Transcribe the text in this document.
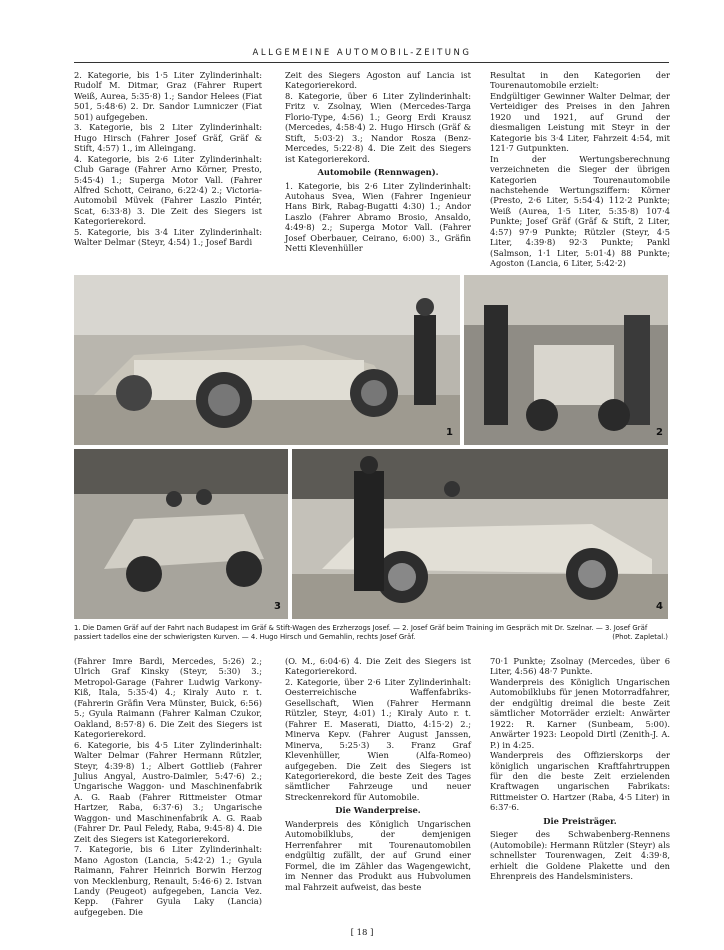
ALLGEMEINE AUTOMOBIL-ZEITUNG

2. Kategorie, bis 1·5 Liter Zylinderinhalt: Rudolf M. Ditmar, Graz (Fahrer Rupert Weiß, Aurea, 5:35·8) 1.; Sandor Helees (Fiat 501, 5:48·6) 2. Dr. Sandor Lumniczer (Fiat 501) aufgegeben.

3. Kategorie, bis 2 Liter Zylinderinhalt: Hugo Hirsch (Fahrer Josef Gräf, Gräf & Stift, 4:57) 1., im Alleingang.

4. Kategorie, bis 2·6 Liter Zylinderinhalt: Club Garage (Fahrer Arno Körner, Presto, 5:45·4) 1.; Superga Motor Vall. (Fahrer Alfred Schott, Ceirano, 6:22·4) 2.; Victoria-Automobil Müvek (Fahrer Laszlo Pintér, Scat, 6:33·8) 3. Die Zeit des Siegers ist Kategorierekord.

5. Kategorie, bis 3·4 Liter Zylinderinhalt: Walter Delmar (Steyr, 4:54) 1.; Josef Bardi

Zeit des Siegers Agoston auf Lancia ist Kategorierekord.

8. Kategorie, über 6 Liter Zylinderinhalt: Fritz v. Zsolnay, Wien (Mercedes-Targa Florio-Type, 4:56) 1.; Georg Erdi Krausz (Mercedes, 4:58·4) 2. Hugo Hirsch (Gräf & Stift, 5:03·2) 3.; Nandor Rosza (Benz-Mercedes, 5:22·8) 4. Die Zeit des Siegers ist Kategorierekord.

Automobile (Rennwagen).

1. Kategorie, bis 2·6 Liter Zylinderinhalt: Autohaus Svea, Wien (Fahrer Ingenieur Hans Birk, Rabag-Bugatti 4:30) 1.; Andor Laszlo (Fahrer Abramo Brosio, Ansaldo, 4:49·8) 2.; Superga Motor Vall. (Fahrer Josef Oberbauer, Ceirano, 6:00) 3., Gräfin Netti Klevenhüller

Resultat in den Kategorien der Tourenautomobile erzielt:

Endgültiger Gewinner Walter Delmar, der Verteidiger des Preises in den Jahren 1920 und 1921, auf Grund der diesmaligen Leistung mit Steyr in der Kategorie bis 3·4 Liter, Fahrzeit 4:54, mit 121·7 Gutpunkten.

In der Wertungsberechnung verzeichneten die Sieger der übrigen Kategorien Tourenautomobile nachstehende Wertungsziffern: Körner (Presto, 2·6 Liter, 5:54·4) 112·2 Punkte; Weiß (Aurea, 1·5 Liter, 5:35·8) 107·4 Punkte; Josef Gräf (Gräf & Stift, 2 Liter, 4:57) 97·9 Punkte; Rützler (Steyr, 4·5 Liter, 4:39·8) 92·3 Punkte; Pankl (Salmson, 1·1 Liter, 5:01·4) 88 Punkte; Agoston (Lancia, 6 Liter, 5:42·2)

1	2
3	4
1. Die Damen Gräf auf der Fahrt nach Budapest im Gräf & Stift-Wagen des Erzherzogs Josef. — 2. Josef Gräf beim Training im Gespräch mit Dr. Szelnar. — 3. Josef Gräf passiert tadellos eine der schwierigsten Kurven. — 4. Hugo Hirsch und Gemahlin, rechts Josef Gräf.	(Phot. Zapletal.)

(Fahrer Imre Bardi, Mercedes, 5:26) 2.; Ulrich Graf Kinsky (Steyr, 5:30) 3.; Metropol-Garage (Fahrer Ludwig Varkony-Kiß, Itala, 5:35·4) 4.; Kiraly Auto r. t. (Fahrerin Gräfin Vera Münster, Buick, 6:56) 5.; Gyula Raimann (Fahrer Kalman Czukor, Oakland, 8:57·8) 6. Die Zeit des Siegers ist Kategorierekord.

6. Kategorie, bis 4·5 Liter Zylinderinhalt: Walter Delmar (Fahrer Hermann Rützler, Steyr, 4:39·8) 1.; Albert Gottlieb (Fahrer Julius Angyal, Austro-Daimler, 5:47·6) 2.; Ungarische Waggon- und Maschinenfabrik A. G. Raab (Fahrer Rittmeister Otmar Hartzer, Raba, 6:37·6) 3.; Ungarische Waggon- und Maschinenfabrik A. G. Raab (Fahrer Dr. Paul Feledy, Raba, 9:45·8) 4. Die Zeit des Siegers ist Kategorierekord.

7. Kategorie, bis 6 Liter Zylinderinhalt: Mano Agoston (Lancia, 5:42·2) 1.; Gyula Raimann, Fahrer Heinrich Borwin Herzog von Mecklenburg, Renault, 5:46·6) 2. Istvan Landy (Peugeot) aufgegeben, Lancia Vez. Kepp. (Fahrer Gyula Laky (Lancia) aufgegeben. Die

(O. M., 6:04·6) 4. Die Zeit des Siegers ist Kategorierekord.

2. Kategorie, über 2·6 Liter Zylinderinhalt: Oesterreichische Waffenfabriks-Gesellschaft, Wien (Fahrer Hermann Rützler, Steyr, 4:01) 1.; Kiraly Auto r. t. (Fahrer E. Maserati, Diatto, 4:15·2) 2.; Minerva Kepv. (Fahrer August Janssen, Minerva, 5:25·3) 3. Franz Graf Klevenhüller, Wien (Alfa-Romeo) aufgegeben. Die Zeit des Siegers ist Kategorierekord, die beste Zeit des Tages sämtlicher Fahrzeuge und neuer Streckenrekord für Automobile.

Die Wanderpreise.

Wanderpreis des Königlich Ungarischen Automobilklubs, der demjenigen Herrenfahrer mit Tourenautomobilen endgültig zufällt, der auf Grund einer Formel, die im Zähler das Wagengewicht, im Nenner das Produkt aus Hubvolumen mal Fahrzeit aufweist, das beste

70·1 Punkte; Zsolnay (Mercedes, über 6 Liter, 4:56) 48·7 Punkte.

Wanderpreis des Königlich Ungarischen Automobilklubs für jenen Motorradfahrer, der endgültig dreimal die beste Zeit sämtlicher Motorräder erzielt: Anwärter 1922: R. Karner (Sunbeam, 5:00). Anwärter 1923: Leopold Dirtl (Zenith-J. A. P.) in 4:25.

Wanderpreis des Offizierskorps der königlich ungarischen Kraftfahrtruppen für den die beste Zeit erzielenden Kraftwagen ungarischen Fabrikats: Rittmeister O. Hartzer (Raba, 4·5 Liter) in 6:37·6.

Die Preisträger.

Sieger des Schwabenberg-Rennens (Automobile): Hermann Rützler (Steyr) als schnellster Tourenwagen, Zeit 4:39·8, erhielt die Goldene Plakette und den Ehrenpreis des Handelsministers.

[ 18 ]
